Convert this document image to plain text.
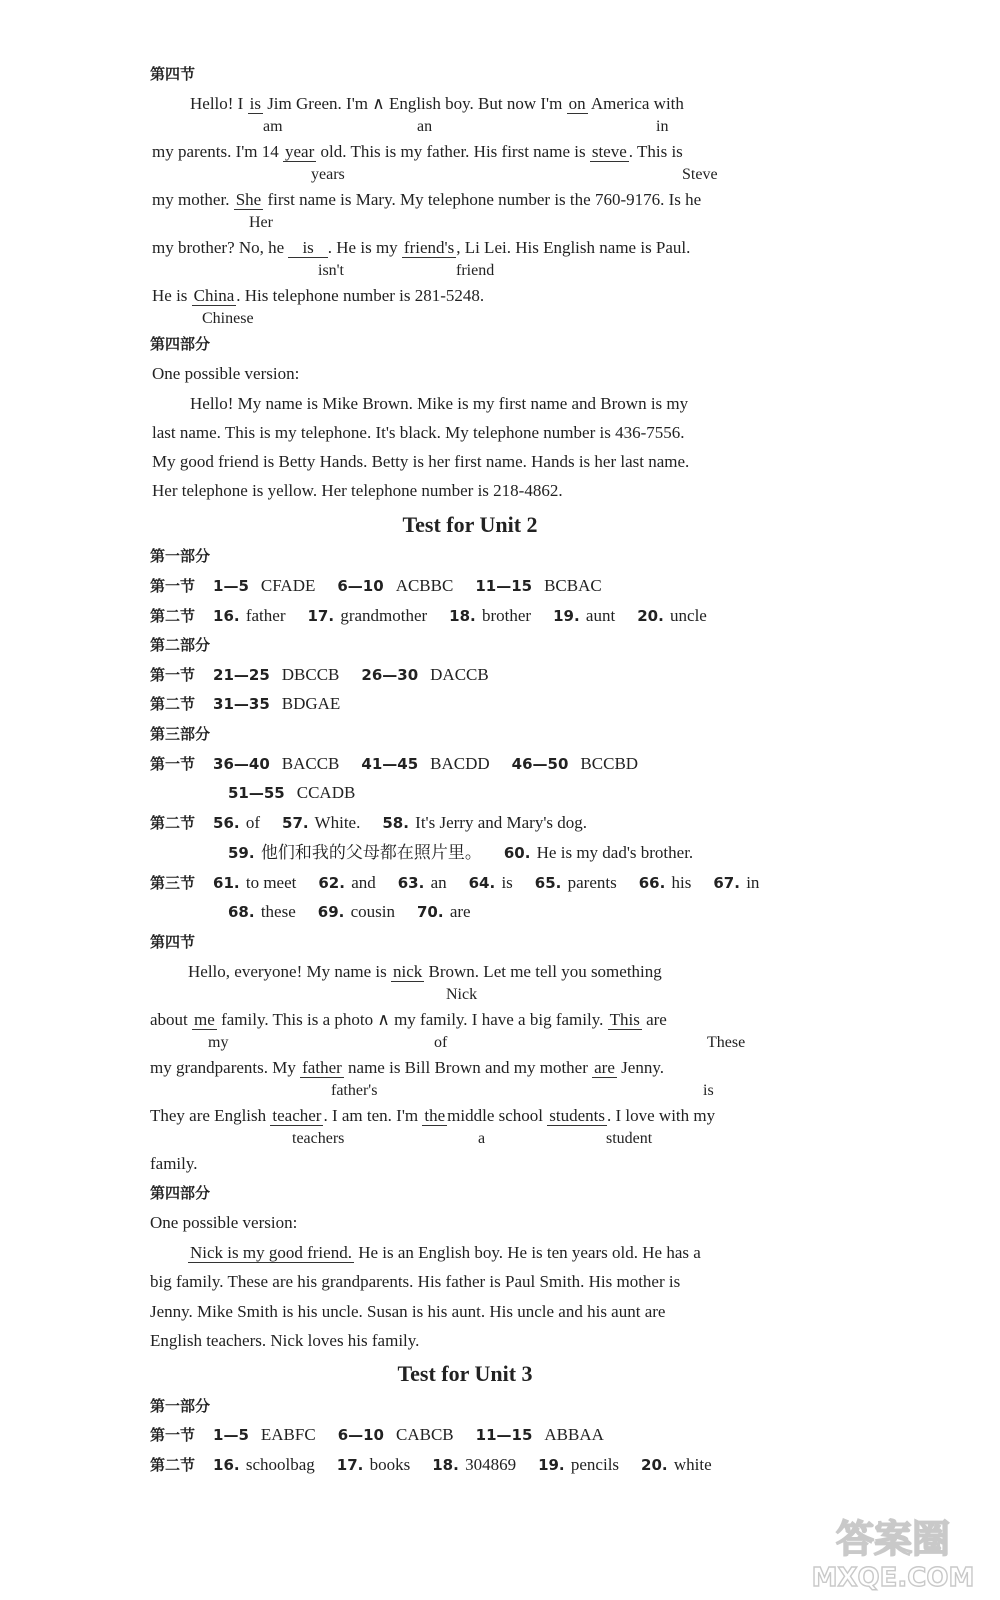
第四节
Hello! I is Jim Green. I'm ∧ English boy. But now I'm on America with
am	an	in
my parents. I'm 14 year old. This is my father. His first name is steve . This is
years	Steve
my mother. She first name is Mary. My telephone number is the 760-9176. Is he
Her
my brother? No, he is . He is my friend's , Li Lei. His English name is Paul.
isn't	friend
He is China . His telephone number is 281-5248.
Chinese
第四部分
One possible version:
Hello! My name is Mike Brown. Mike is my first name and Brown is my
last name. This is my telephone. It's black. My telephone number is 436-7556.
My good friend is Betty Hands. Betty is her first name. Hands is her last name.
Her telephone is yellow. Her telephone number is 218-4862.
Test for Unit 2
第一部分
第一节 1—5 CFADE 6—10 ACBBC 11—15 BCBAC
第二节 16. father 17. grandmother 18. brother 19. aunt 20. uncle
第二部分
第一节 21—25 DBCCB 26—30 DACCB
第二节 31—35 BDGAE
第三部分
第一节 36—40 BACCB 41—45 BACDD 46—50 BCCBD
51—55 CCADB
第二节 56. of 57. White. 58. It's Jerry and Mary's dog.
59. 他们和我的父母都在照片里。 60. He is my dad's brother.
第三节 61. to meet 62. and 63. an 64. is 65. parents 66. his 67. in
68. these 69. cousin 70. are
第四节
Hello, everyone! My name is nick Brown. Let me tell you something
Nick
about me family. This is a photo ∧ my family. I have a big family. This are
my	of	These
my grandparents. My father name is Bill Brown and my mother are Jenny.
father's	is
They are English teacher . I am ten. I'm the middle school students . I love with my
teachers	a	student
family.
第四部分
One possible version:
Nick is my good friend. He is an English boy. He is ten years old. He has a
big family. These are his grandparents. His father is Paul Smith. His mother is
Jenny. Mike Smith is his uncle. Susan is his aunt. His uncle and his aunt are
English teachers. Nick loves his family.
Test for Unit 3
第一部分
第一节 1—5 EABFC 6—10 CABCB 11—15 ABBAA
第二节 16. schoolbag 17. books 18. 304869 19. pencils 20. white
答案圈
MXQE.COM
